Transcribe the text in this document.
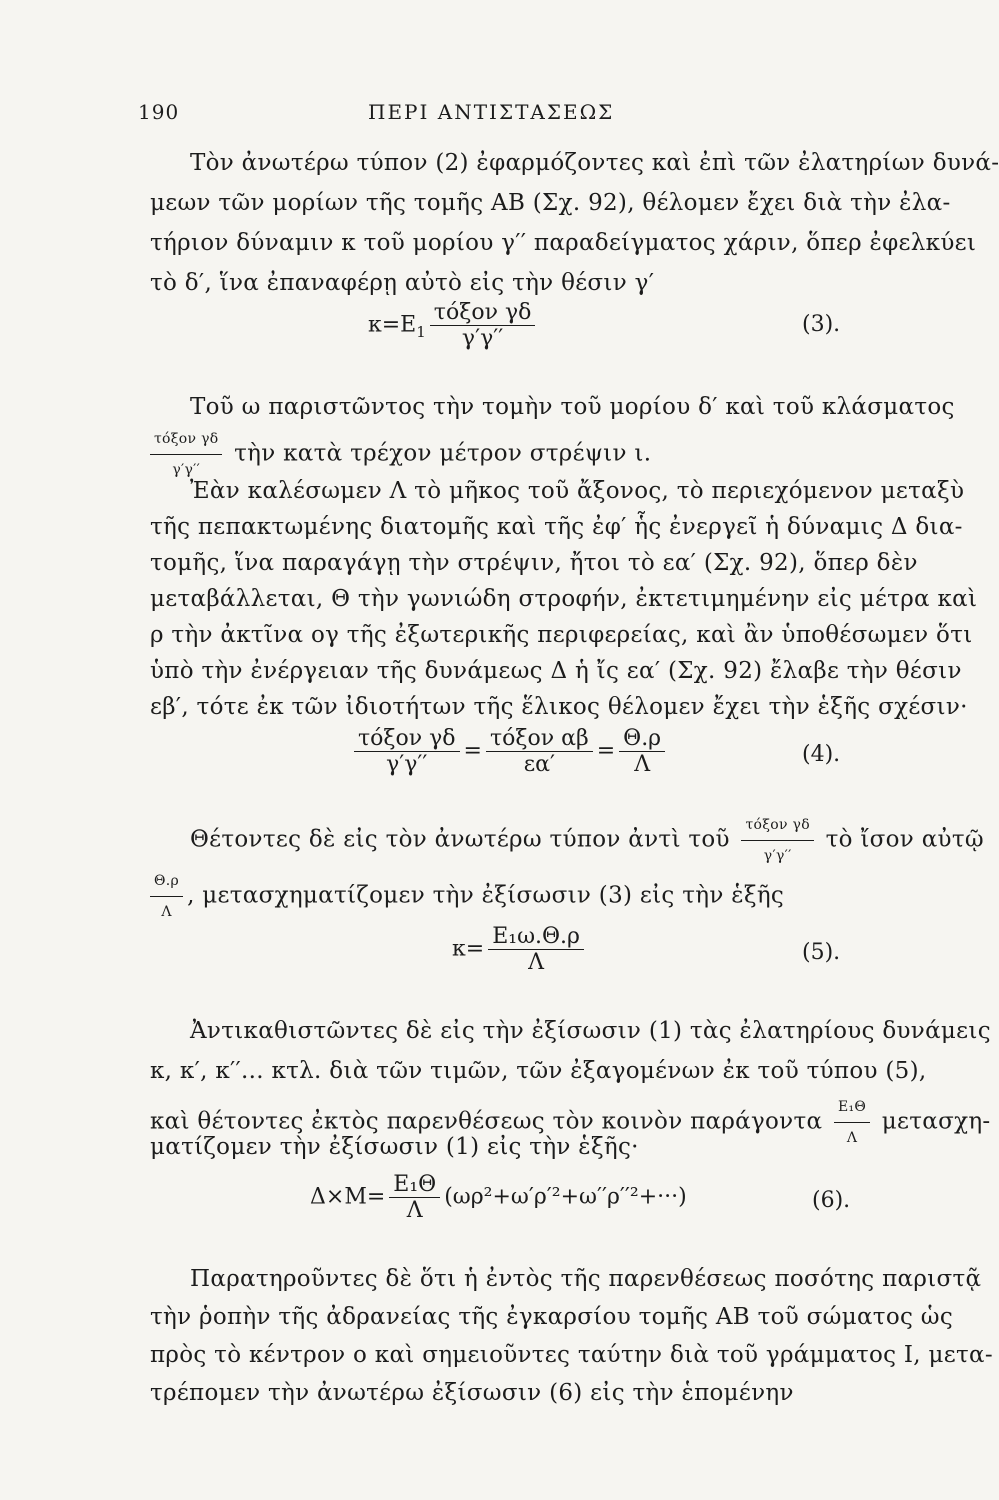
190	ΠΕΡΙ ΑΝΤΙΣΤΑΣΕΩΣ
Τὸν ἀνωτέρω τύπον (2) ἐφαρμόζοντες καὶ ἐπὶ τῶν ἐλατηρίων δυνά-
μεων τῶν μορίων τῆς τομῆς ΑΒ (Σχ. 92), θέλομεν ἔχει διὰ τὴν ἐλα-
τήριον δύναμιν κ τοῦ μορίου γ′′ παραδείγματος χάριν, ὅπερ ἐφελκύει
τὸ δ′, ἵνα ἐπαναφέρῃ αὐτὸ εἰς τὴν θέσιν γ′
$\kappa=E_1 \frac{\text{τόξον γδ}}{\gamma'\gamma''}$	(3).
Τοῦ ω παριστῶντος τὴν τομὴν τοῦ μορίου δ′ καὶ τοῦ κλάσματος
$\frac{\text{τόξον γδ}}{\gamma'\gamma''}$ τὴν κατὰ τρέχον μέτρον στρέψιν ι.
Ἐὰν καλέσωμεν Λ τὸ μῆκος τοῦ ἄξονος, τὸ περιεχόμενον μεταξὺ
τῆς πεπακτωμένης διατομῆς καὶ τῆς ἐφ′ ἧς ἐνεργεῖ ἡ δύναμις Δ δια-
τομῆς, ἵνα παραγάγῃ τὴν στρέψιν, ἤτοι τὸ εα′ (Σχ. 92), ὅπερ δὲν
μεταβάλλεται, Θ τὴν γωνιώδη στροφήν, ἐκτετιμημένην εἰς μέτρα καὶ
ρ τὴν ἀκτῖνα ογ τῆς ἐξωτερικῆς περιφερείας, καὶ ἂν ὑποθέσωμεν ὅτι
ὑπὸ τὴν ἐνέργειαν τῆς δυνάμεως Δ ἡ ἴς εα′ (Σχ. 92) ἔλαβε τὴν θέσιν
εβ′, τότε ἐκ τῶν ἰδιοτήτων τῆς ἕλικος θέλομεν ἔχει τὴν ἑξῆς σχέσιν·
$\frac{\text{τόξον γδ}}{\gamma'\gamma''} = \frac{\text{τόξον αβ}}{\varepsilon\alpha'} = \frac{\Theta.\rho}{\Lambda}$	(4).
Θέτοντες δὲ εἰς τὸν ἀνωτέρω τύπον ἀντὶ τοῦ $\frac{\text{τόξον γδ}}{\gamma'\gamma''}$ τὸ ἴσον αὐτῷ
$\frac{\Theta.\rho}{\Lambda}$ , μετασχηματίζομεν τὴν ἐξίσωσιν (3) εἰς τὴν ἑξῆς
$\kappa= \frac{\text{Ε₁ω.Θ.ρ}}{\Lambda}$	(5).
Ἀντικαθιστῶντες δὲ εἰς τὴν ἐξίσωσιν (1) τὰς ἐλατηρίους δυνάμεις
κ, κ′, κ′′... κτλ. διὰ τῶν τιμῶν, τῶν ἐξαγομένων ἐκ τοῦ τύπου (5),
καὶ θέτοντες ἐκτὸς παρενθέσεως τὸν κοινὸν παράγοντα $\frac{\text{Ε₁Θ}}{\Lambda} \mu\varepsilon\tau\alpha\sigma\chi\eta-$
ματίζομεν τὴν ἐξίσωσιν (1) εἰς τὴν ἑξῆς·
$\Delta\times M= \frac{\text{Ε₁Θ}}{\Lambda} (\omega\rho^2+\omega'\rho'^2+\omega''\rho''^2+\cdot\cdot\cdot)$	(6).
Παρατηροῦντες δὲ ὅτι ἡ ἐντὸς τῆς παρενθέσεως ποσότης παριστᾷ
τὴν ῥοπὴν τῆς ἀδρανείας τῆς ἐγκαρσίου τομῆς ΑΒ τοῦ σώματος ὡς
πρὸς τὸ κέντρον ο καὶ σημειοῦντες ταύτην διὰ τοῦ γράμματος Ι, μετα-
τρέπομεν τὴν ἀνωτέρω ἐξίσωσιν (6) εἰς τὴν ἑπομένην
